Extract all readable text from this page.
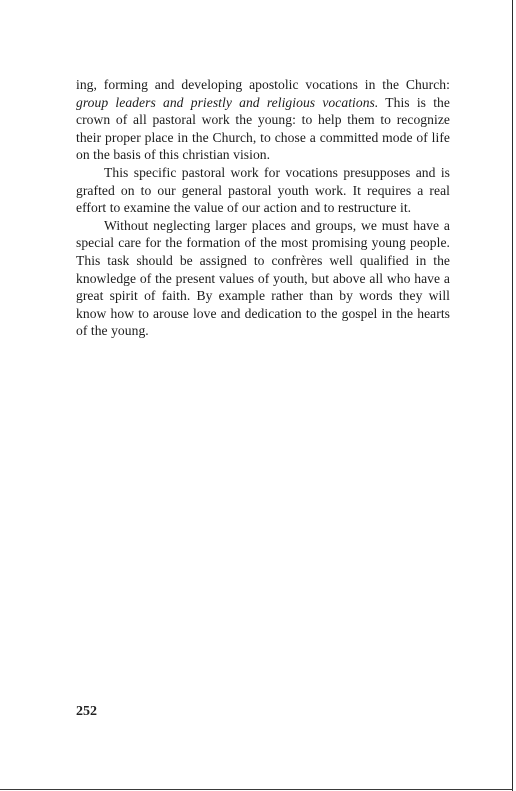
ing, forming and developing apostolic vocations in the Church: group leaders and priestly and religious vocations. This is the crown of all pastoral work the young: to help them to recognize their proper place in the Church, to chose a committed mode of life on the basis of this christian vision.

This specific pastoral work for vocations presupposes and is grafted on to our general pastoral youth work. It requires a real effort to examine the value of our action and to restructure it.

Without neglecting larger places and groups, we must have a special care for the formation of the most promising young people. This task should be assigned to confrères well qualified in the knowledge of the present values of youth, but above all who have a great spirit of faith. By example rather than by words they will know how to arouse love and dedication to the gospel in the hearts of the young.

252
